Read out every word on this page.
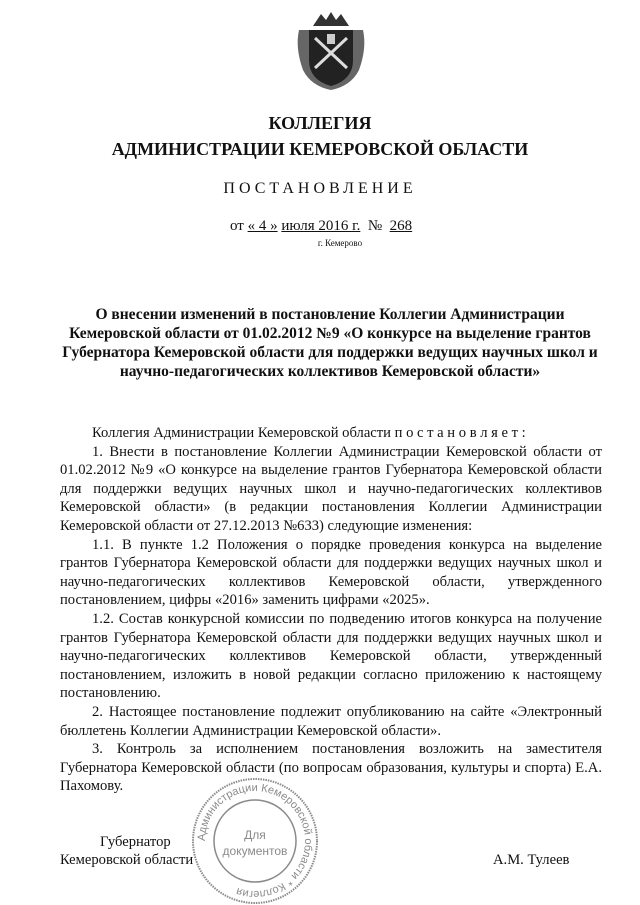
КОЛЛЕГИЯ
АДМИНИСТРАЦИИ КЕМЕРОВСКОЙ ОБЛАСТИ
ПОСТАНОВЛЕНИЕ
от « 4 » июля 2016 г. № 268
г. Кемерово
О внесении изменений в постановление Коллегии Администрации Кемеровской области от 01.02.2012 №9 «О конкурсе на выделение грантов Губернатора Кемеровской области для поддержки ведущих научных школ и научно-педагогических коллективов Кемеровской области»

Коллегия Администрации Кемеровской области п о с т а н о в л я е т :

1. Внести в постановление Коллегии Администрации Кемеровской области от 01.02.2012 №9 «О конкурсе на выделение грантов Губернатора Кемеровской области для поддержки ведущих научных школ и научно-педагогических коллективов Кемеровской области» (в редакции постановления Коллегии Администрации Кемеровской области от 27.12.2013 №633) следующие изменения:

1.1. В пункте 1.2 Положения о порядке проведения конкурса на выделение грантов Губернатора Кемеровской области для поддержки ведущих научных школ и научно-педагогических коллективов Кемеровской области, утвержденного постановлением, цифры «2016» заменить цифрами «2025».

1.2. Состав конкурсной комиссии по подведению итогов конкурса на получение грантов Губернатора Кемеровской области для поддержки ведущих научных школ и научно-педагогических коллективов Кемеровской области, утвержденный постановлением, изложить в новой редакции согласно приложению к настоящему постановлению.

2. Настоящее постановление подлежит опубликованию на сайте «Электронный бюллетень Коллегии Администрации Кемеровской области».

3. Контроль за исполнением постановления возложить на заместителя Губернатора Кемеровской области (по вопросам образования, культуры и спорта) Е.А. Пахомову.

Губернатор
Кемеровской области	А.М. Тулеев
Администрации Кемеровской области * Коллегия
Для
документов
